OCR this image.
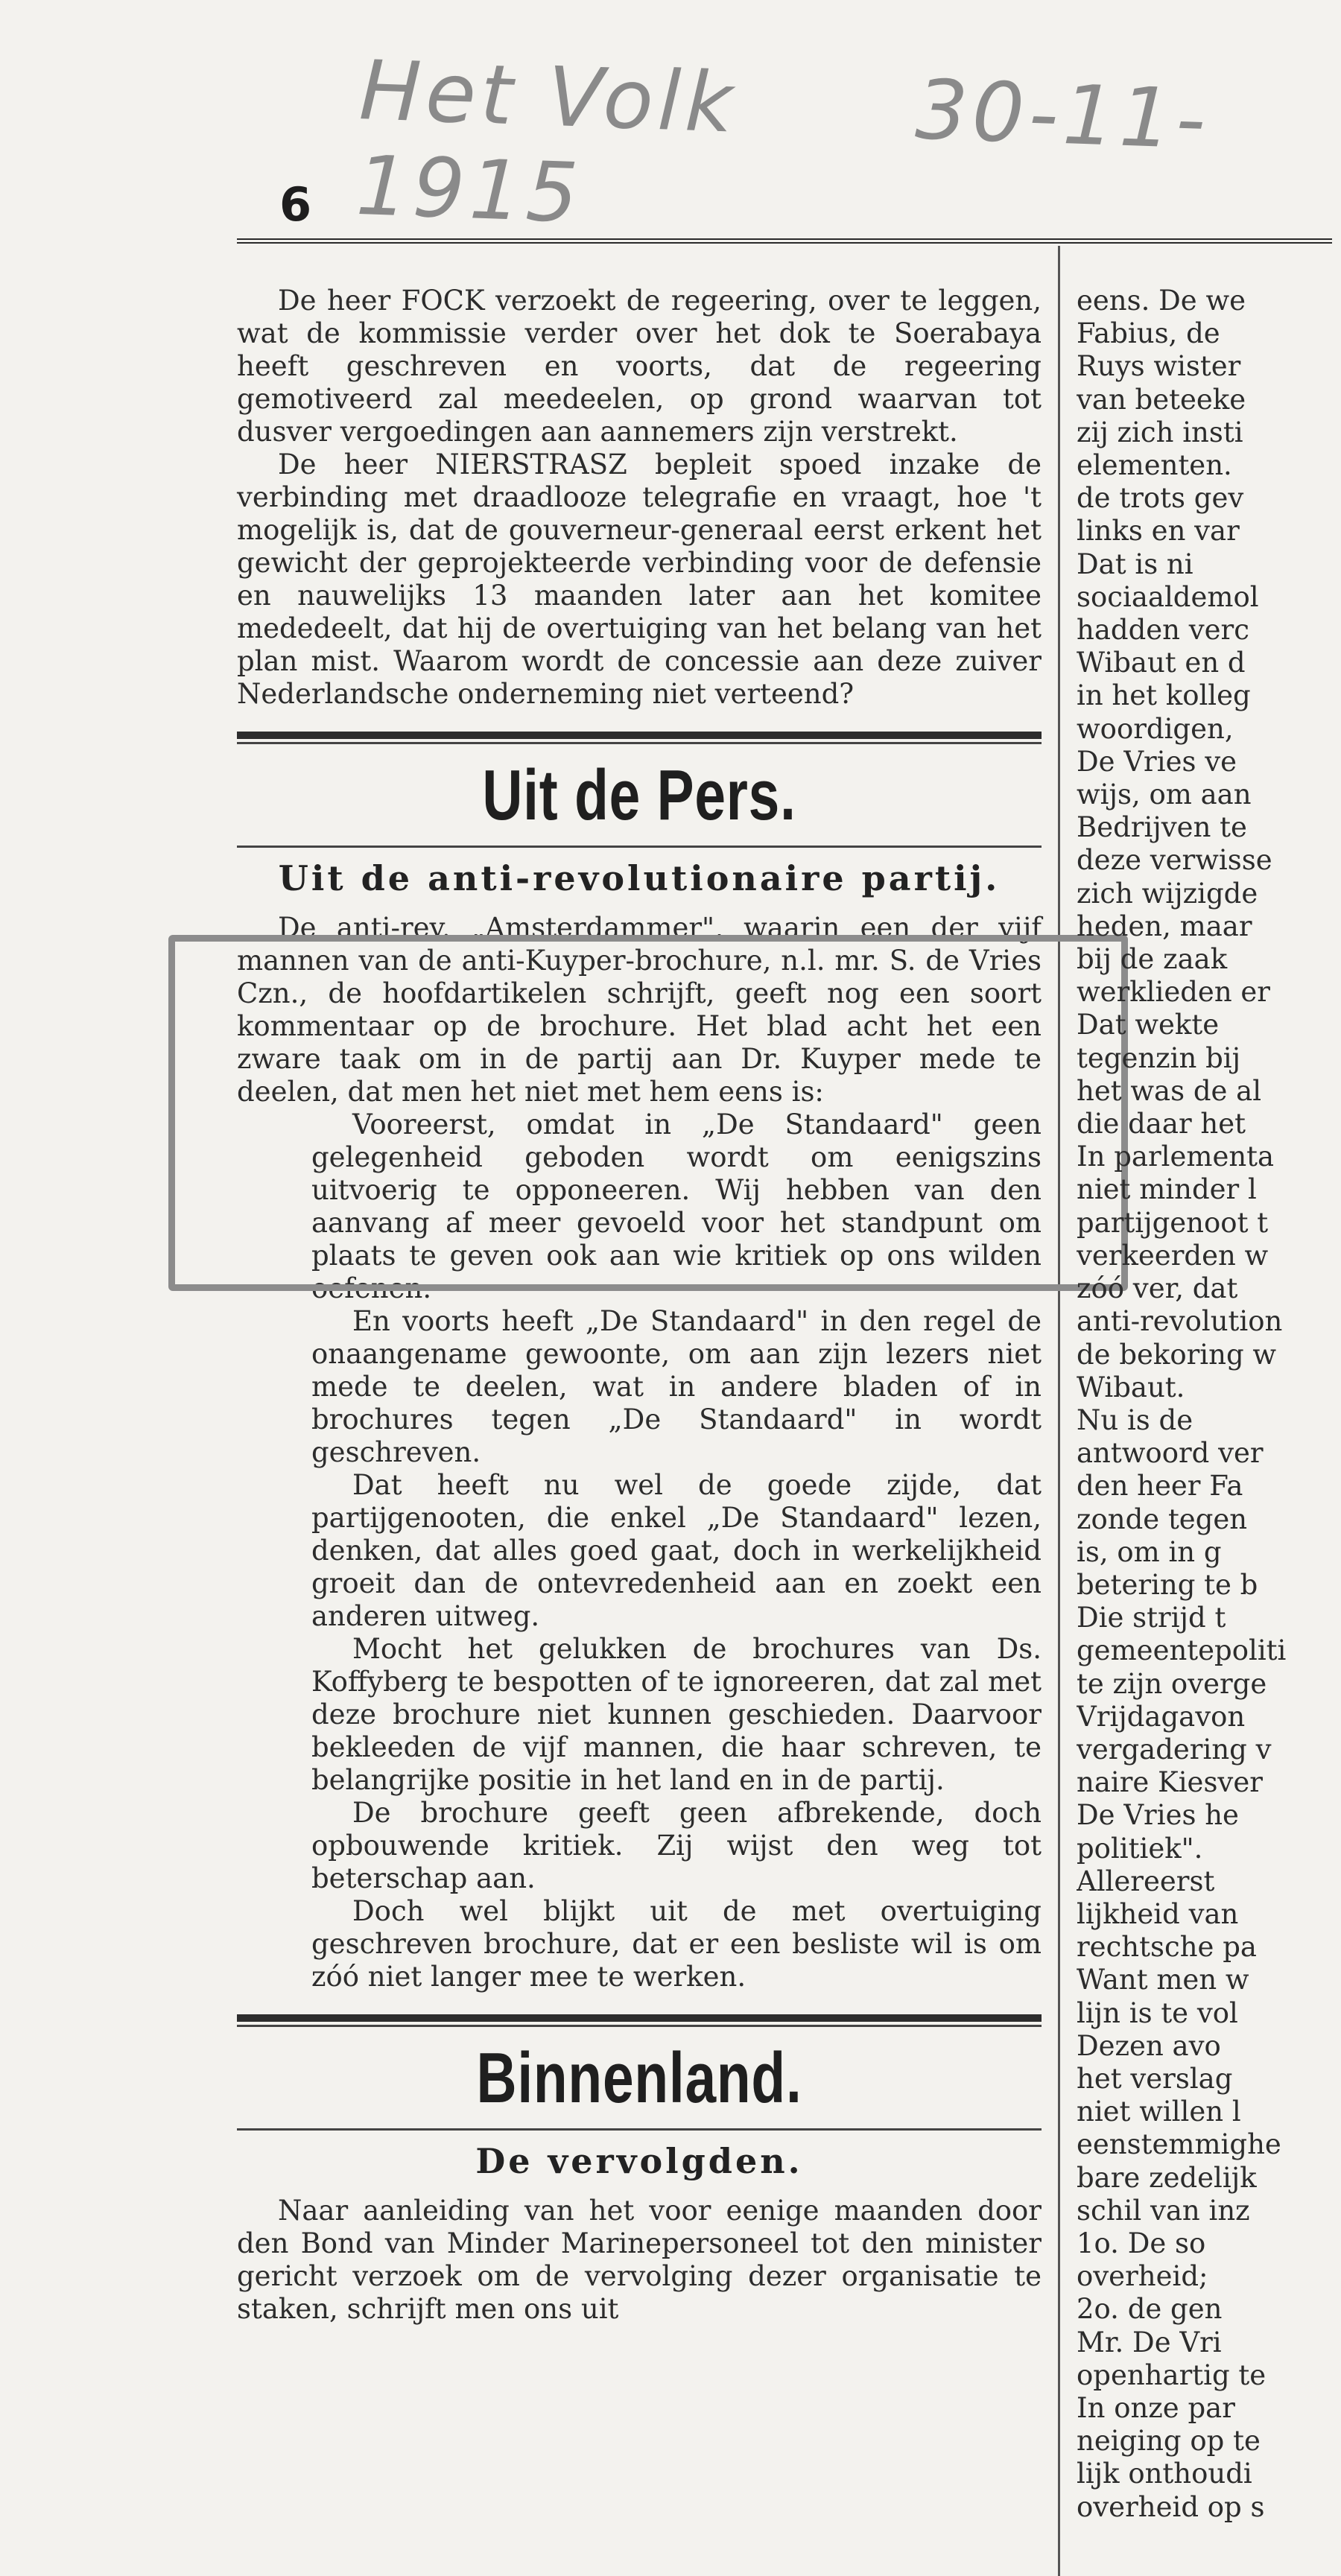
Het Volk 30-11-1915
6

De heer FOCK verzoekt de regeering, over te leggen, wat de kommissie verder over het dok te Soerabaya heeft geschreven en voorts, dat de regeering gemotiveerd zal meedeelen, op grond waarvan tot dusver vergoedingen aan aannemers zijn verstrekt.

De heer NIERSTRASZ bepleit spoed inzake de verbinding met draadlooze telegrafie en vraagt, hoe 't mogelijk is, dat de gouverneur-generaal eerst erkent het gewicht der geprojekteerde verbinding voor de defensie en nauwelijks 13 maanden later aan het komitee mededeelt, dat hij de overtuiging van het belang van het plan mist. Waarom wordt de concessie aan deze zuiver Nederlandsche onderneming niet verteend?

Uit de Pers.
Uit de anti-revolutionaire partij.

De anti-rev. „Amsterdammer", waarin een der vijf mannen van de anti-Kuyper-brochure, n.l. mr. S. de Vries Czn., de hoofdartikelen schrijft, geeft nog een soort kommentaar op de brochure. Het blad acht het een zware taak om in de partij aan Dr. Kuyper mede te deelen, dat men het niet met hem eens is:

Vooreerst, omdat in „De Standaard" geen gelegenheid geboden wordt om eenigszins uitvoerig te opponeeren. Wij hebben van den aanvang af meer gevoeld voor het standpunt om plaats te geven ook aan wie kritiek op ons wilden oefenen.

En voorts heeft „De Standaard" in den regel de onaangename gewoonte, om aan zijn lezers niet mede te deelen, wat in andere bladen of in brochures tegen „De Standaard" in wordt geschreven.

Dat heeft nu wel de goede zijde, dat partijgenooten, die enkel „De Standaard" lezen, denken, dat alles goed gaat, doch in werkelijkheid groeit dan de ontevredenheid aan en zoekt een anderen uitweg.

Mocht het gelukken de brochures van Ds. Koffyberg te bespotten of te ignoreeren, dat zal met deze brochure niet kunnen geschieden. Daarvoor bekleeden de vijf mannen, die haar schreven, te belangrijke positie in het land en in de partij.

De brochure geeft geen afbrekende, doch opbouwende kritiek. Zij wijst den weg tot beterschap aan.

Doch wel blijkt uit de met overtuiging geschreven brochure, dat er een besliste wil is om zóó niet langer mee te werken.

Binnenland.
De vervolgden.

Naar aanleiding van het voor eenige maanden door den Bond van Minder Marinepersoneel tot den minister gericht verzoek om de vervolging dezer organisatie te staken, schrijft men ons uit

eens. De we

Fabius, de

Ruys wister

van beteeke

zij zich insti

elementen.

de trots gev

links en var

Dat is ni

sociaaldemol

hadden verc

Wibaut en d

in het kolleg

woordigen,

De Vries ve

wijs, om aan

Bedrijven te

deze verwisse

zich wijzigde

heden, maar

bij de zaak

werklieden er

Dat wekte

tegenzin bij

het was de al

die daar het

In parlementa

niet minder l

partijgenoot t

verkeerden w

zóó ver, dat

anti-revolution

de bekoring w

Wibaut.

Nu is de

antwoord ver

den heer Fa

zonde tegen

is, om in g

betering te b

Die strijd t

gemeentepoliti

te zijn overge

Vrijdagavon

vergadering v

naire Kiesver

De Vries he

politiek".

Allereerst

lijkheid van

rechtsche pa

Want men w

lijn is te vol

Dezen avo

het verslag

niet willen l

eenstemmighe

bare zedelijk

schil van inz

1o. De so

overheid;

2o. de gen

Mr. De Vri

openhartig te

In onze par

neiging op te

lijk onthoudi

overheid op s
